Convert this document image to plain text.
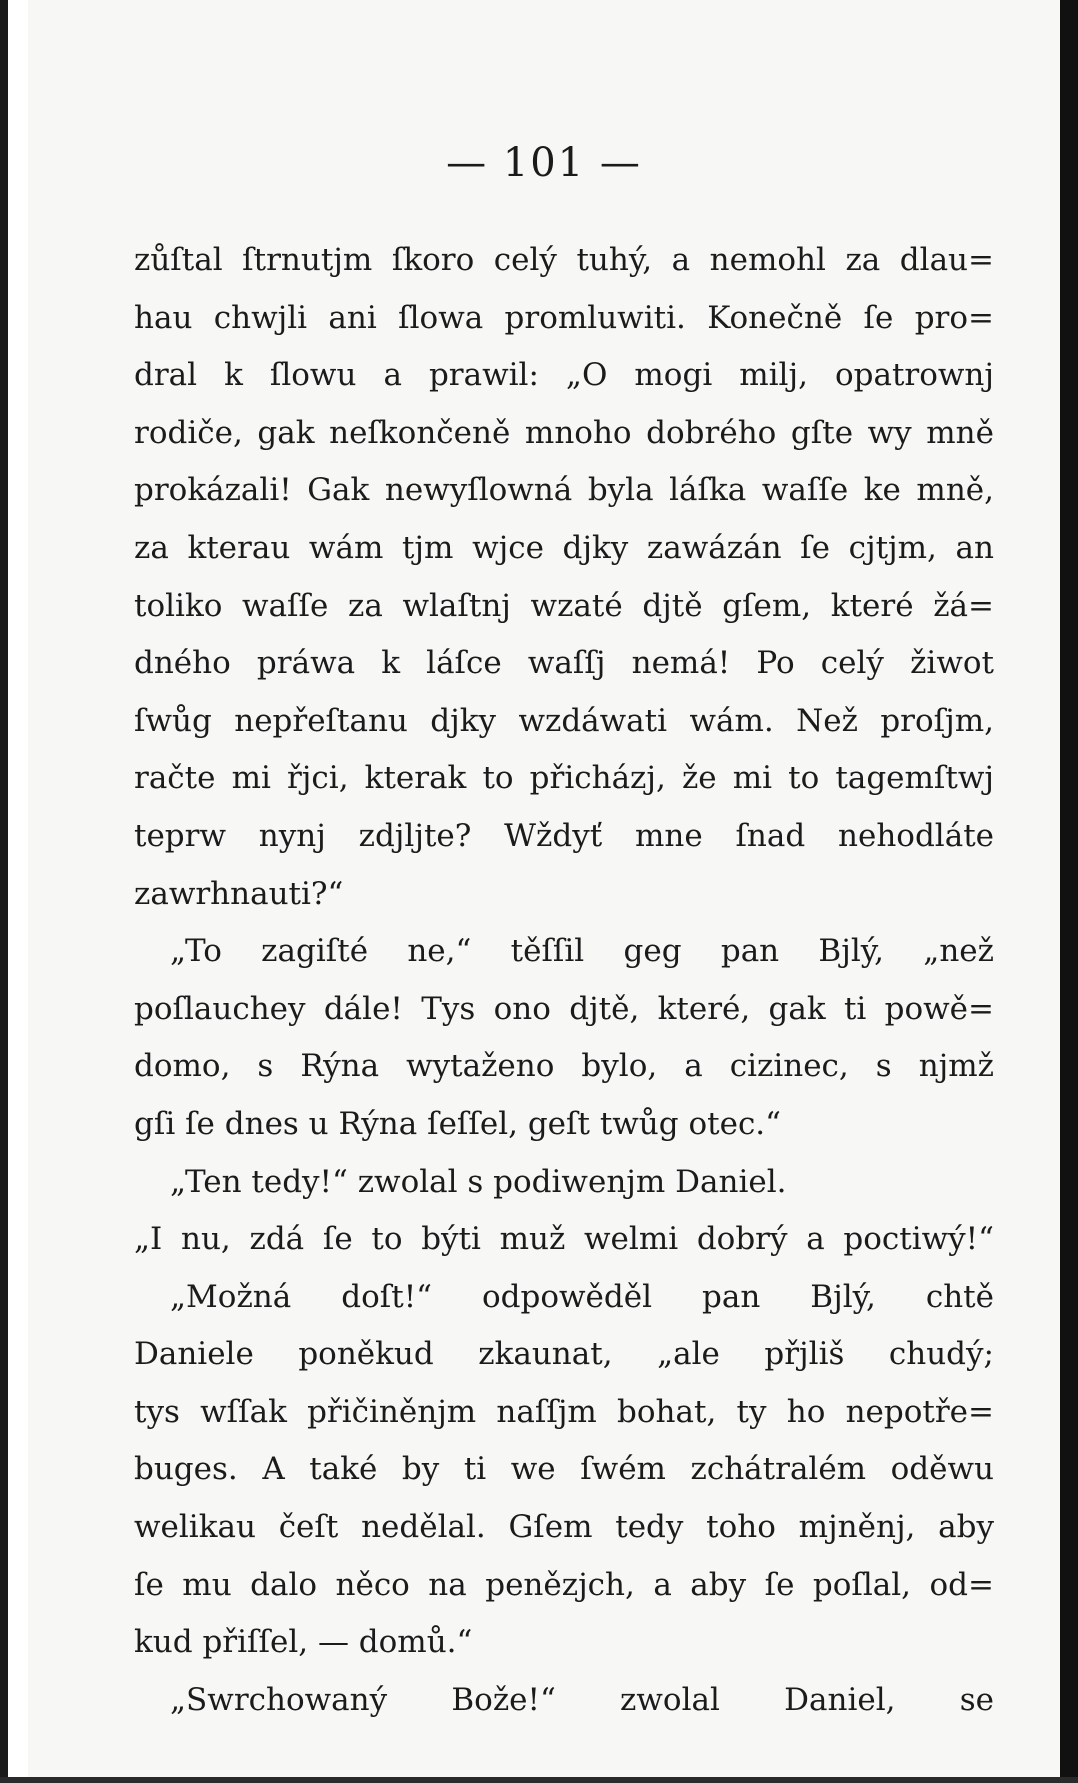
— 101 —
zůſtal ſtrnutjm ſkoro celý tuhý, a nemohl za dlau=
hau chwjli ani ſlowa promluwiti. Konečně ſe pro=
dral k ſlowu a prawil: „O mogi milj, opatrownj
rodiče, gak neſkončeně mnoho dobrého gſte wy mně
prokázali! Gak newyſlowná byla láſka waſſe ke mně,
za kterau wám tjm wjce djky zawázán ſe cjtjm, an
toliko waſſe za wlaſtnj wzaté djtě gſem, které žá=
dného práwa k láſce waſſj nemá! Po celý žiwot
ſwůg nepřeſtanu djky wzdáwati wám. Než proſjm,
račte mi řjci, kterak to přicházj, že mi to tagemſtwj
teprw nynj zdjljte? Wždyť mne ſnad nehodláte
zawrhnauti?“
„To zagiſté ne,“ těſſil geg pan Bjlý, „než
poſlauchey dále! Tys ono djtě, které, gak ti powě=
domo, s Rýna wytaženo bylo, a cizinec, s njmž
gſi ſe dnes u Rýna ſeſſel, geſt twůg otec.“
„Ten tedy!“ zwolal s podiwenjm Daniel.
„I nu, zdá ſe to býti muž welmi dobrý a poctiwý!“
„Možná doſt!“ odpowěděl pan Bjlý, chtě
Daniele poněkud zkaunat, „ale přjliš chudý;
tys wſſak přičiněnjm naſſjm bohat, ty ho nepotře=
buges. A také by ti we ſwém zchátralém oděwu
welikau čeſt nedělal. Gſem tedy toho mjněnj, aby
ſe mu dalo něco na penězjch, a aby ſe poſlal, od=
kud přiſſel, — domů.“
„Swrchowaný Bože!“ zwolal Daniel, se
